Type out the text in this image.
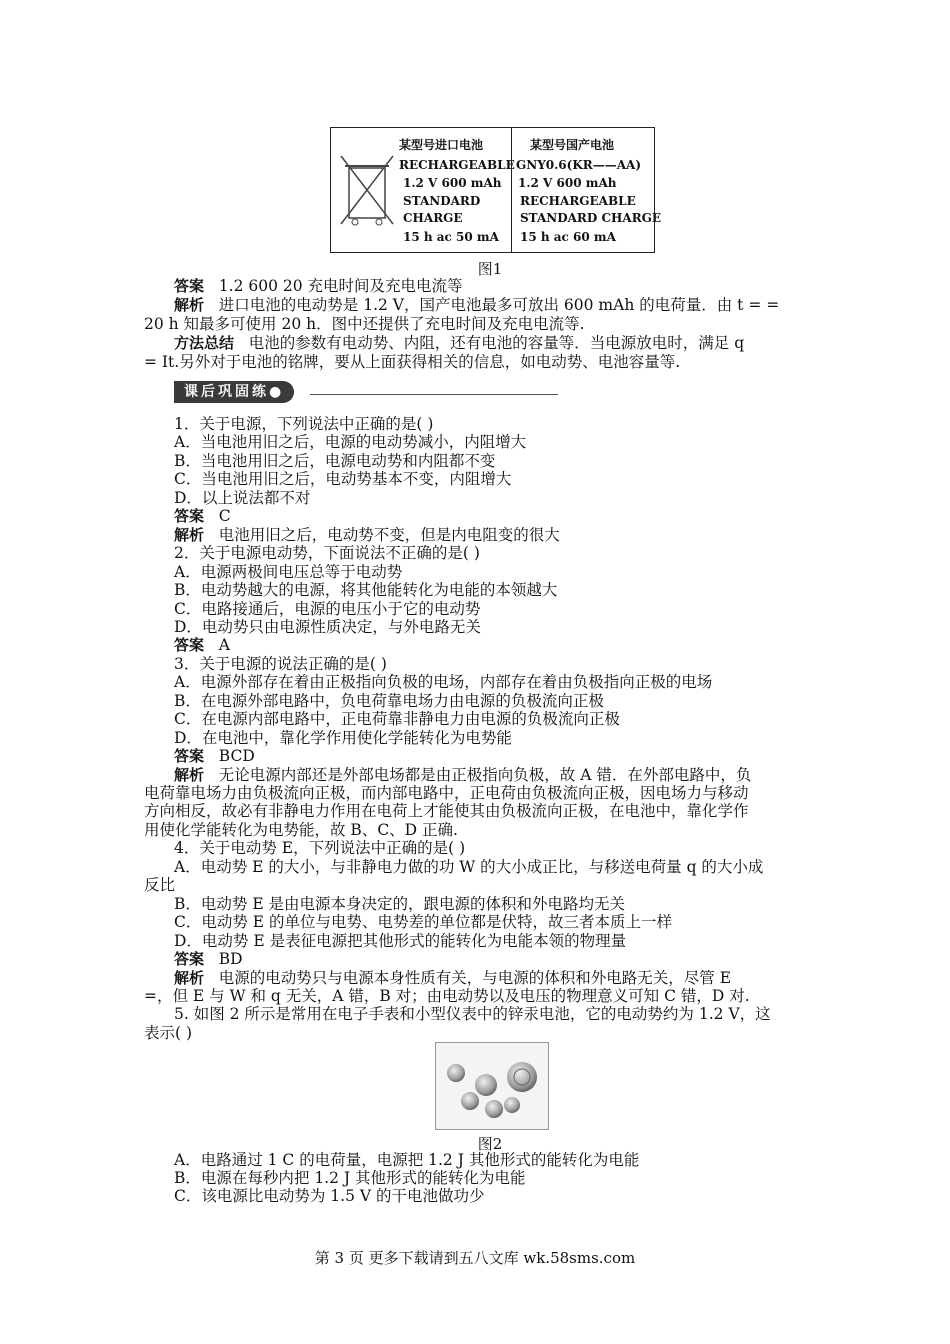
某型号进口电池
RECHARGEABLE
1.2 V 600 mAh
STANDARD
CHARGE
15 h ac 50 mA
某型号国产电池
GNY0.6(KR——AA)
1.2 V 600 mAh
RECHARGEABLE
STANDARD CHARGE
15 h ac 60 mA
图1
答案 1.2 600 20 充电时间及充电电流等
解析 进口电池的电动势是 1.2 V，国产电池最多可放出 600 mAh 的电荷量．由 t = =
20 h 知最多可使用 20 h．图中还提供了充电时间及充电电流等.
方法总结 电池的参数有电动势、内阻，还有电池的容量等．当电源放电时，满足 q
= It.另外对于电池的铭牌，要从上面获得相关的信息，如电动势、电池容量等.
课后巩固练●
1．关于电源，下列说法中正确的是( )
A．当电池用旧之后，电源的电动势减小，内阻增大
B．当电池用旧之后，电源电动势和内阻都不变
C．当电池用旧之后，电动势基本不变，内阻增大
D．以上说法都不对
答案 C
解析 电池用旧之后，电动势不变，但是内电阻变的很大
2．关于电源电动势，下面说法不正确的是( )
A．电源两极间电压总等于电动势
B．电动势越大的电源，将其他能转化为电能的本领越大
C．电路接通后，电源的电压小于它的电动势
D．电动势只由电源性质决定，与外电路无关
答案 A
3．关于电源的说法正确的是( )
A．电源外部存在着由正极指向负极的电场，内部存在着由负极指向正极的电场
B．在电源外部电路中，负电荷靠电场力由电源的负极流向正极
C．在电源内部电路中，正电荷靠非静电力由电源的负极流向正极
D．在电池中，靠化学作用使化学能转化为电势能
答案 BCD
解析 无论电源内部还是外部电场都是由正极指向负极，故 A 错．在外部电路中，负
电荷靠电场力由负极流向正极，而内部电路中，正电荷由负极流向正极，因电场力与移动
方向相反，故必有非静电力作用在电荷上才能使其由负极流向正极，在电池中，靠化学作
用使化学能转化为电势能，故 B、C、D 正确.
4．关于电动势 E，下列说法中正确的是( )
A．电动势 E 的大小，与非静电力做的功 W 的大小成正比，与移送电荷量 q 的大小成
反比
B．电动势 E 是由电源本身决定的，跟电源的体积和外电路均无关
C．电动势 E 的单位与电势、电势差的单位都是伏特，故三者本质上一样
D．电动势 E 是表征电源把其他形式的能转化为电能本领的物理量
答案 BD
解析 电源的电动势只与电源本身性质有关，与电源的体积和外电路无关，尽管 E
=，但 E 与 W 和 q 无关，A 错，B 对；由电动势以及电压的物理意义可知 C 错，D 对.
5. 如图 2 所示是常用在电子手表和小型仪表中的锌汞电池，它的电动势约为 1.2 V，这
表示( )
图2
A．电路通过 1 C 的电荷量，电源把 1.2 J 其他形式的能转化为电能
B．电源在每秒内把 1.2 J 其他形式的能转化为电能
C．该电源比电动势为 1.5 V 的干电池做功少
第 3 页 更多下载请到五八文库 wk.58sms.com
